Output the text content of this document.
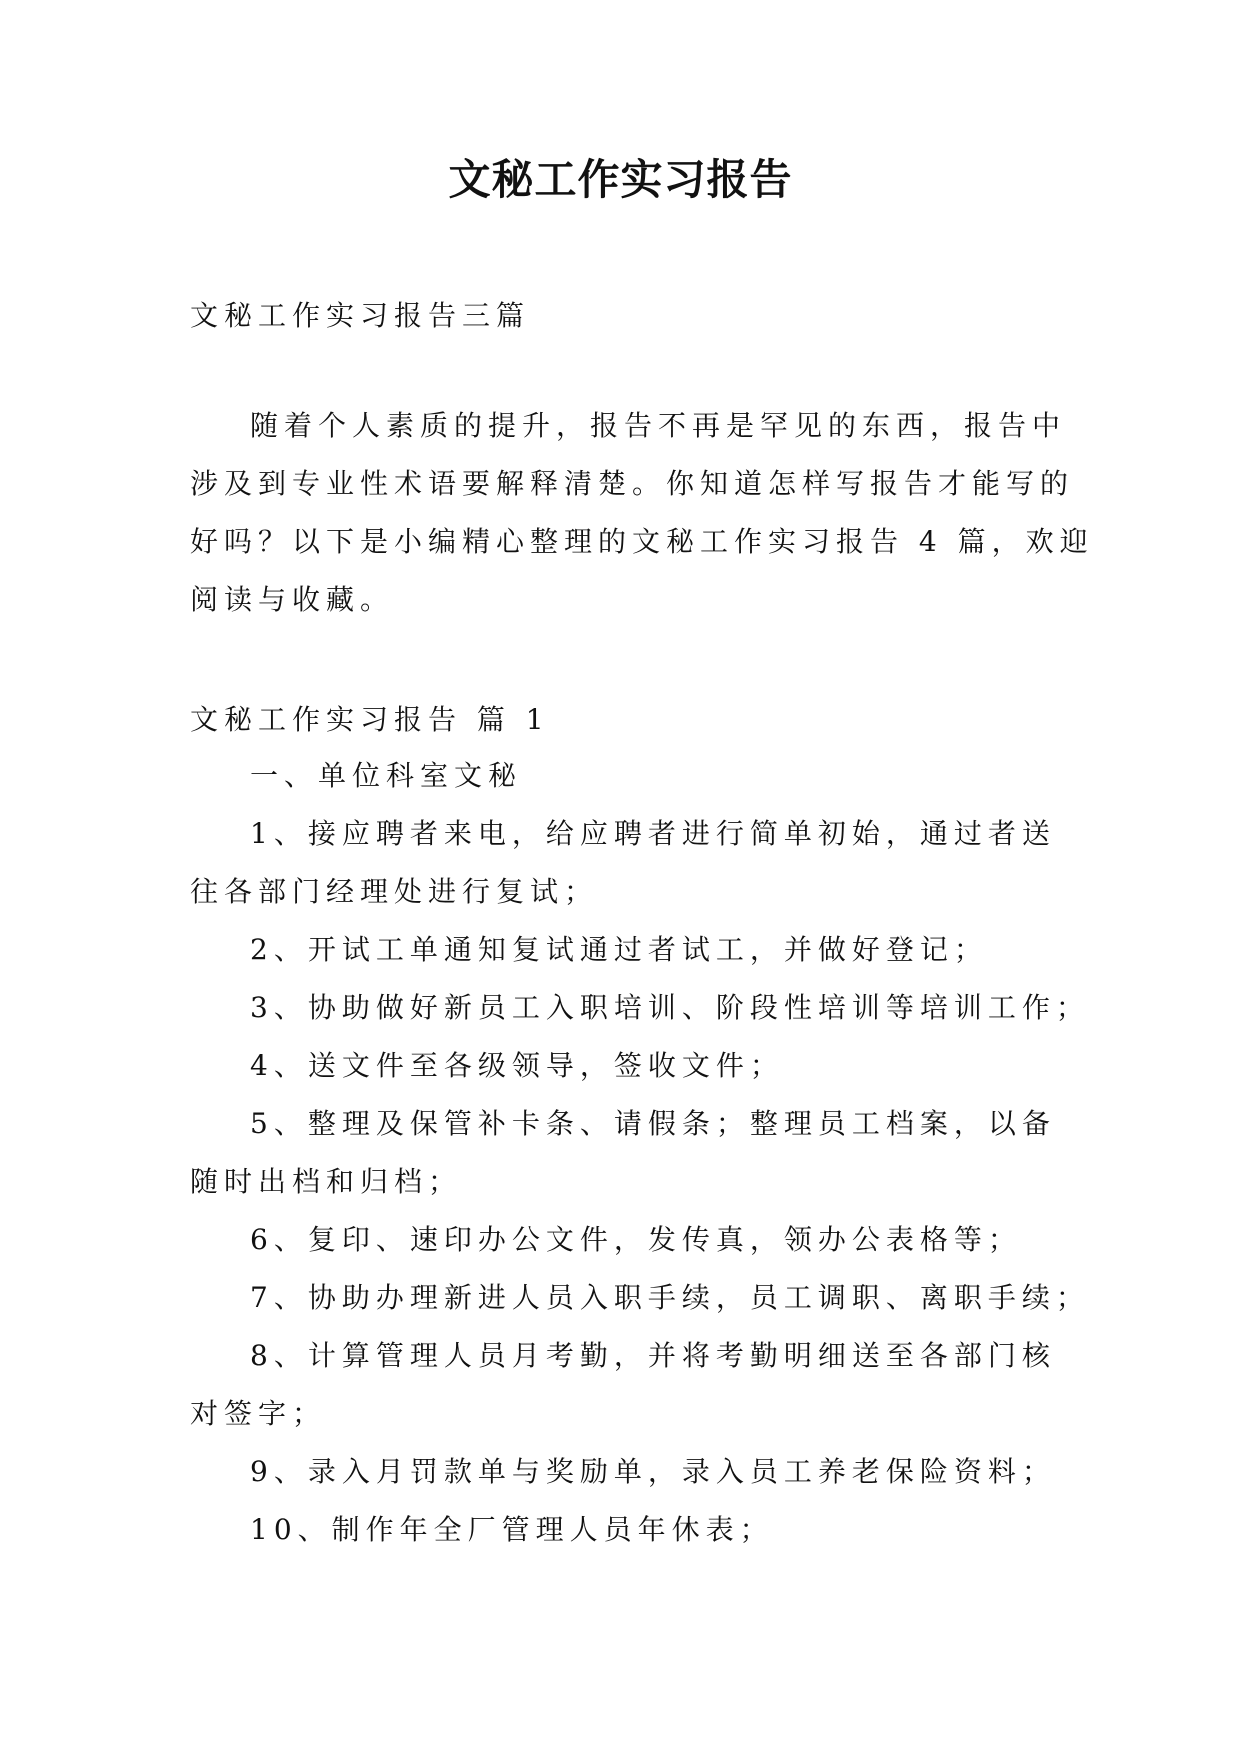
文秘工作实习报告
文秘工作实习报告三篇
随着个人素质的提升，报告不再是罕见的东西，报告中
涉及到专业性术语要解释清楚。你知道怎样写报告才能写的
好吗？以下是小编精心整理的文秘工作实习报告 4 篇，欢迎
阅读与收藏。
文秘工作实习报告 篇 1
一、单位科室文秘
1、接应聘者来电，给应聘者进行简单初始，通过者送
往各部门经理处进行复试；
2、开试工单通知复试通过者试工，并做好登记；
3、协助做好新员工入职培训、阶段性培训等培训工作；
4、送文件至各级领导，签收文件；
5、整理及保管补卡条、请假条；整理员工档案，以备
随时出档和归档；
6、复印、速印办公文件，发传真，领办公表格等；
7、协助办理新进人员入职手续，员工调职、离职手续；
8、计算管理人员月考勤，并将考勤明细送至各部门核
对签字；
9、录入月罚款单与奖励单，录入员工养老保险资料；
10、制作年全厂管理人员年休表；
